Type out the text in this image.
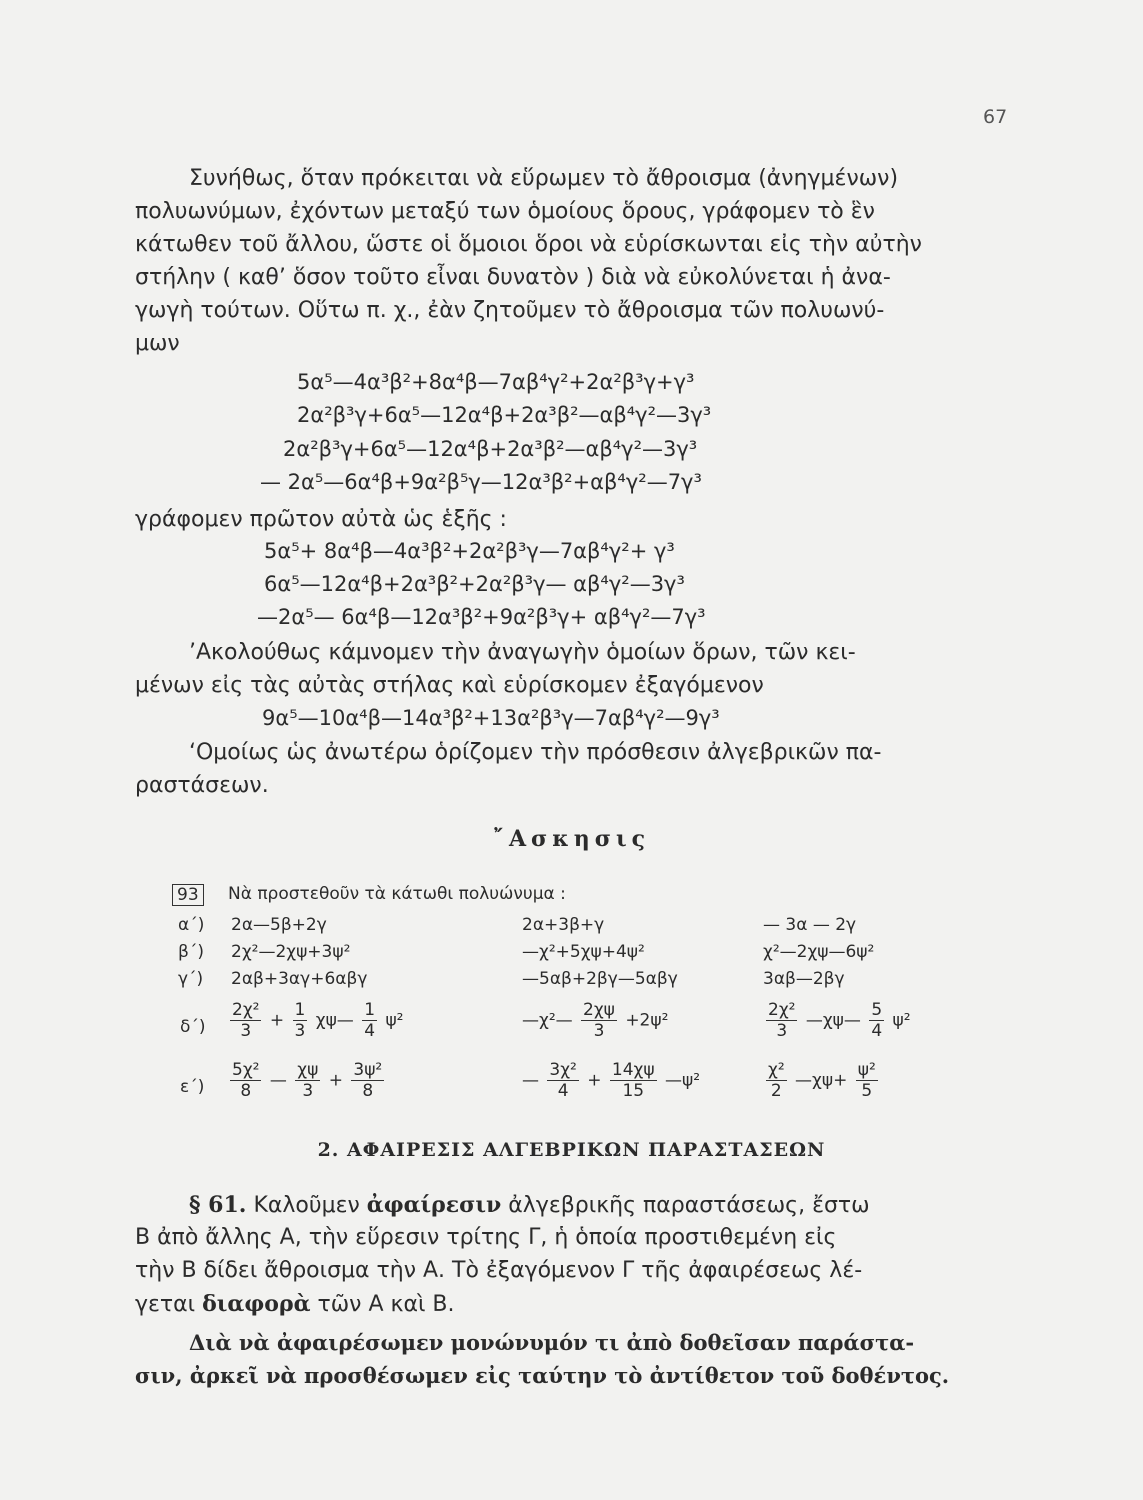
67
Συνήθως, ὅταν πρόκειται νὰ εὕρωμεν τὸ ἄθροισμα (ἀνηγμένων)
πολυωνύμων, ἐχόντων μεταξύ των ὁμοίους ὅρους, γράφομεν τὸ ἓν
κάτωθεν τοῦ ἄλλου, ὥστε οἱ ὅμοιοι ὅροι νὰ εὑρίσκωνται εἰς τὴν αὐτὴν
στήλην ( καθ’ ὅσον τοῦτο εἶναι δυνατὸν ) διὰ νὰ εὐκολύνεται ἡ ἀνα-
γωγὴ τούτων. Οὕτω π. χ., ἐὰν ζητοῦμεν τὸ ἄθροισμα τῶν πολυωνύ-
μων
5α⁵—4α³β²+8α⁴β—7αβ⁴γ²+2α²β³γ+γ³
2α²β³γ+6α⁵—12α⁴β+2α³β²—αβ⁴γ²—3γ³
2α²β³γ+6α⁵—12α⁴β+2α³β²—αβ⁴γ²—3γ³
— 2α⁵—6α⁴β+9α²β⁵γ—12α³β²+αβ⁴γ²—7γ³
γράφομεν πρῶτον αὐτὰ ὡς ἑξῆς :
5α⁵+ 8α⁴β—4α³β²+2α²β³γ—7αβ⁴γ²+ γ³
6α⁵—12α⁴β+2α³β²+2α²β³γ— αβ⁴γ²—3γ³
—2α⁵— 6α⁴β—12α³β²+9α²β³γ+ αβ⁴γ²—7γ³
’Ακολούθως κάμνομεν τὴν ἀναγωγὴν ὁμοίων ὅρων, τῶν κει-
μένων εἰς τὰς αὐτὰς στήλας καὶ εὑρίσκομεν ἐξαγόμενον
9α⁵—10α⁴β—14α³β²+13α²β³γ—7αβ⁴γ²—9γ³
‘Ομοίως ὡς ἀνωτέρω ὁρίζομεν τὴν πρόσθεσιν ἀλγεβρικῶν πα-
ραστάσεων.
῎Ασκησις
93 Νὰ προστεθοῦν τὰ κάτωθι πολυώνυμα :
α΄) 2α—5β+2γ	2α+3β+γ	— 3α — 2γ
β΄) 2χ²—2χψ+3ψ²	—χ²+5χψ+4ψ²	χ²—2χψ—6ψ²
γ΄) 2αβ+3αγ+6αβγ	—5αβ+2βγ—5αβγ	3αβ—2βγ
$\delta΄) \frac{\text{2χ²}}{3} + \frac{1}{3}$ χψ— $\frac{1}{4} \psi^2$	—χ²— $\frac{2\chi\psi}{3} +2\psi^2$	$\frac{\text{2χ²}}{3}$ —χψ— $\frac{5}{4} \psi^2$
$\varepsilon΄) \frac{\text{5χ²}}{8}$ — $\frac{\chi\psi}{3} + \frac{\text{3ψ²}}{8}$	— $\frac{\text{3χ²}}{4} + \frac{14\chi\psi}{15}$ —ψ²	$\frac{\text{χ²}}{2}$ —χψ+ $\frac{\text{ψ²}}{5}$
2. ΑΦΑΙΡΕΣΙΣ ΑΛΓΕΒΡΙΚΩΝ ΠΑΡΑΣΤΑΣΕΩΝ
§ 61. Καλοῦμεν ἀφαίρεσιν ἀλγεβρικῆς παραστάσεως, ἔστω
Β ἀπὸ ἄλλης Α, τὴν εὕρεσιν τρίτης Γ, ἡ ὁποία προστιθεμένη εἰς
τὴν Β δίδει ἄθροισμα τὴν Α. Τὸ ἐξαγόμενον Γ τῆς ἀφαιρέσεως λέ-
γεται διαφορὰ τῶν Α καὶ Β.
Διὰ νὰ ἀφαιρέσωμεν μονώνυμόν τι ἀπὸ δοθεῖσαν παράστα-
σιν, ἀρκεῖ νὰ προσθέσωμεν εἰς ταύτην τὸ ἀντίθετον τοῦ δοθέντος.
